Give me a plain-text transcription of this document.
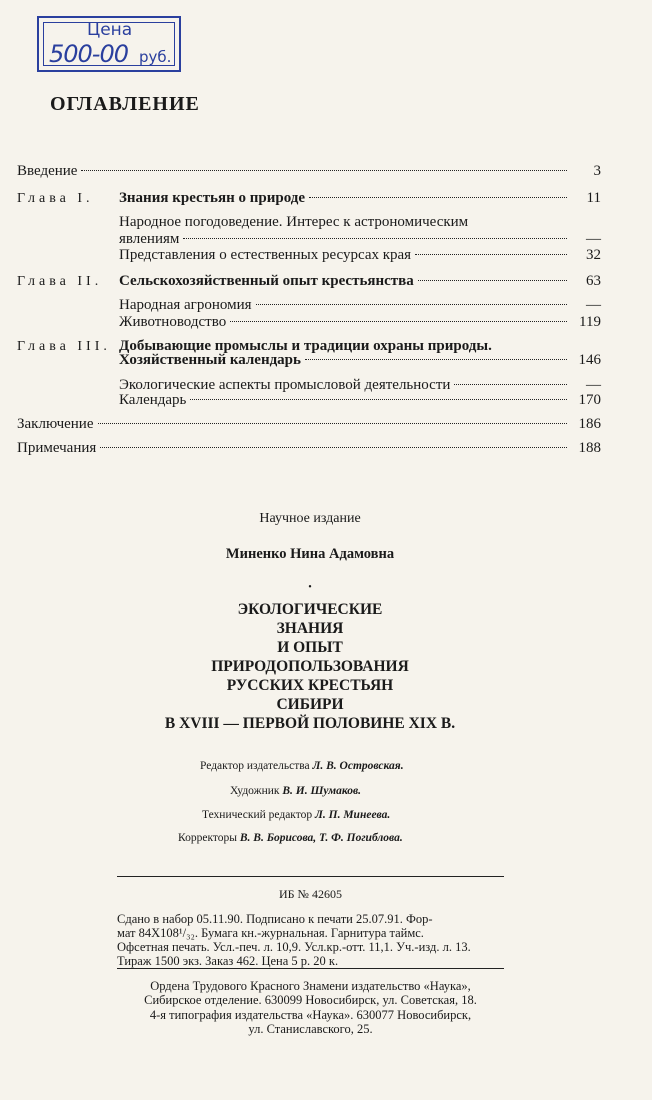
Цена
500-00 руб.
ОГЛАВЛЕНИЕ
Введение	3
Глава I.	Знания крестьян о природе	11
Народное погодоведение. Интерес к астрономическим
явлениям	—
Представления о естественных ресурсах края	32
Глава II.	Сельскохозяйственный опыт крестьянства	63
Народная агрономия	—
Животноводство	119
Глава III. Добывающие промыслы и традиции охраны природы.
Хозяйственный календарь	146
Экологические аспекты промысловой деятельности	—
Календарь	170
Заключение	186
Примечания	188
Научное издание
Миненко Нина Адамовна
•
ЭКОЛОГИЧЕСКИЕ
ЗНАНИЯ
И ОПЫТ
ПРИРОДОПОЛЬЗОВАНИЯ
РУССКИХ КРЕСТЬЯН
СИБИРИ
В XVIII — ПЕРВОЙ ПОЛОВИНЕ XIX В.
Редактор издательства Л. В. Островская.
Художник В. И. Шумаков.
Технический редактор Л. П. Минеева.
Корректоры В. В. Борисова, Т. Ф. Погиблова.
ИБ № 42605
Сдано в набор 05.11.90. Подписано к печати 25.07.91. Фор-
мат 84Х108¹/₃₂. Бумага кн.-журнальная. Гарнитура таймс.
Офсетная печать. Усл.-печ. л. 10,9. Усл.кр.-отт. 11,1. Уч.-изд. л. 13.
Тираж 1500 экз. Заказ 462. Цена 5 р. 20 к.
Ордена Трудового Красного Знамени издательство «Наука»,
Сибирское отделение. 630099 Новосибирск, ул. Советская, 18.
4-я типография издательства «Наука». 630077 Новосибирск,
ул. Станиславского, 25.
